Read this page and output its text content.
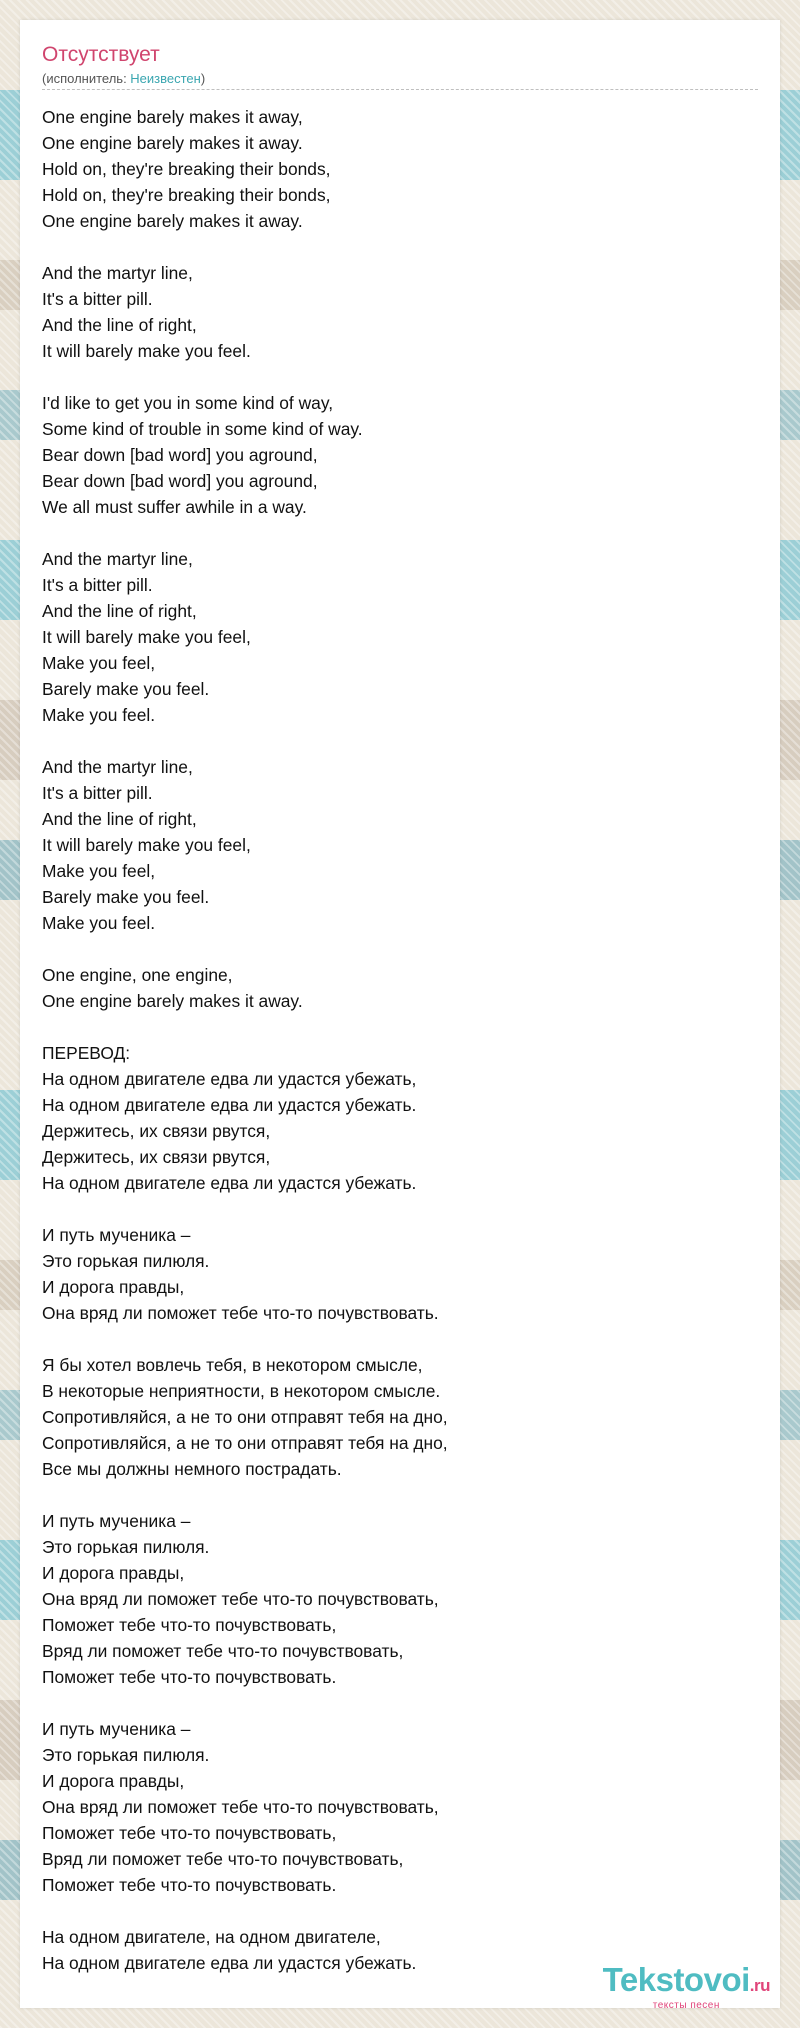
Отсутствует
(исполнитель: Неизвестен)
One engine barely makes it away,
One engine barely makes it away.
Hold on, they're breaking their bonds,
Hold on, they're breaking their bonds,
One engine barely makes it away.
And the martyr line,
It's a bitter pill.
And the line of right,
It will barely make you feel.
I'd like to get you in some kind of way,
Some kind of trouble in some kind of way.
Bear down [bad word] you aground,
Bear down [bad word] you aground,
We all must suffer awhile in a way.
And the martyr line,
It's a bitter pill.
And the line of right,
It will barely make you feel,
Make you feel,
Barely make you feel.
Make you feel.
And the martyr line,
It's a bitter pill.
And the line of right,
It will barely make you feel,
Make you feel,
Barely make you feel.
Make you feel.
One engine, one engine,
One engine barely makes it away.
ПЕРЕВОД:
На одном двигателе едва ли удастся убежать,
На одном двигателе едва ли удастся убежать.
Держитесь, их связи рвутся,
Держитесь, их связи рвутся,
На одном двигателе едва ли удастся убежать.
И путь мученика –
Это горькая пилюля.
И дорога правды,
Она вряд ли поможет тебе что-то почувствовать.
Я бы хотел вовлечь тебя, в некотором смысле,
В некоторые неприятности, в некотором смысле.
Сопротивляйся, а не то они отправят тебя на дно,
Сопротивляйся, а не то они отправят тебя на дно,
Все мы должны немного пострадать.
И путь мученика –
Это горькая пилюля.
И дорога правды,
Она вряд ли поможет тебе что-то почувствовать,
Поможет тебе что-то почувствовать,
Вряд ли поможет тебе что-то почувствовать,
Поможет тебе что-то почувствовать.
И путь мученика –
Это горькая пилюля.
И дорога правды,
Она вряд ли поможет тебе что-то почувствовать,
Поможет тебе что-то почувствовать,
Вряд ли поможет тебе что-то почувствовать,
Поможет тебе что-то почувствовать.
На одном двигателе, на одном двигателе,
На одном двигателе едва ли удастся убежать.	Tekstovoi.ru
тексты песен
